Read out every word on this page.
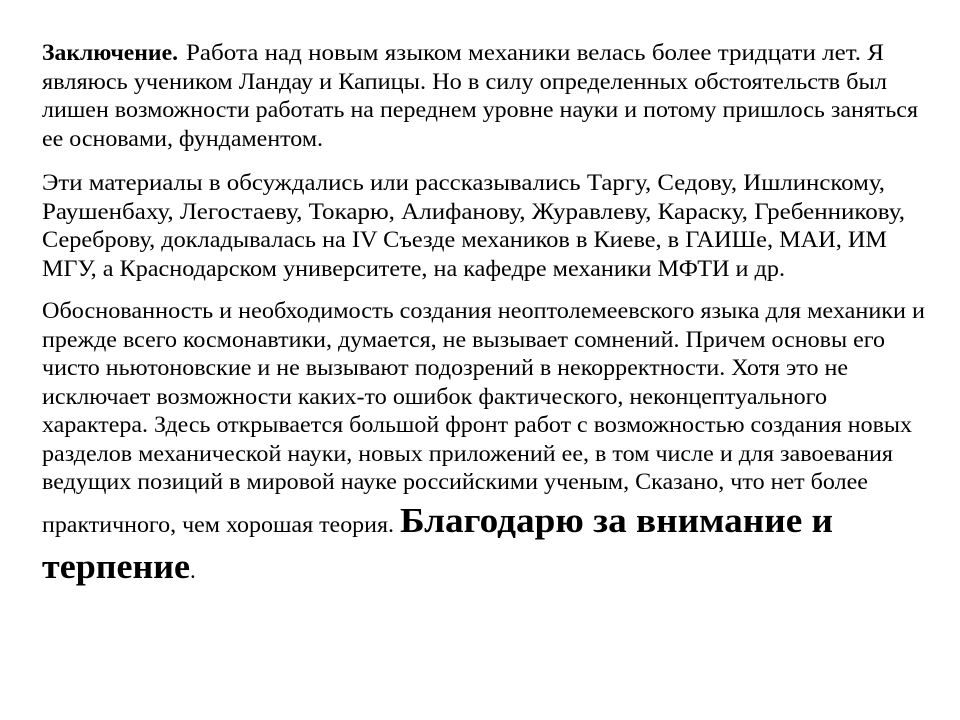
Заключение. Работа над новым языком механики велась более тридцати лет. Я
являюсь учеником Ландау и Капицы. Но в силу определенных обстоятельств был
лишен возможности работать на переднем уровне науки и потому пришлось заняться
ее основами, фундаментом.
Эти материалы в обсуждались или рассказывались Таргу, Седову, Ишлинскому,
Раушенбаху, Легостаеву, Токарю, Алифанову, Журавлеву, Караску, Гребенникову,
Сереброву, докладывалась на IV Съезде механиков в Киеве, в ГАИШе, МАИ, ИМ
МГУ, а Краснодарском университете, на кафедре механики МФТИ и др.
Обоснованность и необходимость создания неоптолемеевского языка для механики и
прежде всего космонавтики, думается, не вызывает сомнений. Причем основы его
чисто ньютоновские и не вызывают подозрений в некорректности. Хотя это не
исключает возможности каких-то ошибок фактического, неконцептуального
характера. Здесь открывается большой фронт работ с возможностью создания новых
разделов механической науки, новых приложений ее, в том числе и для завоевания
ведущих позиций в мировой науке российскими ученым, Сказано, что нет более
практичного, чем хорошая теория. Благодарю за внимание и
терпение .
